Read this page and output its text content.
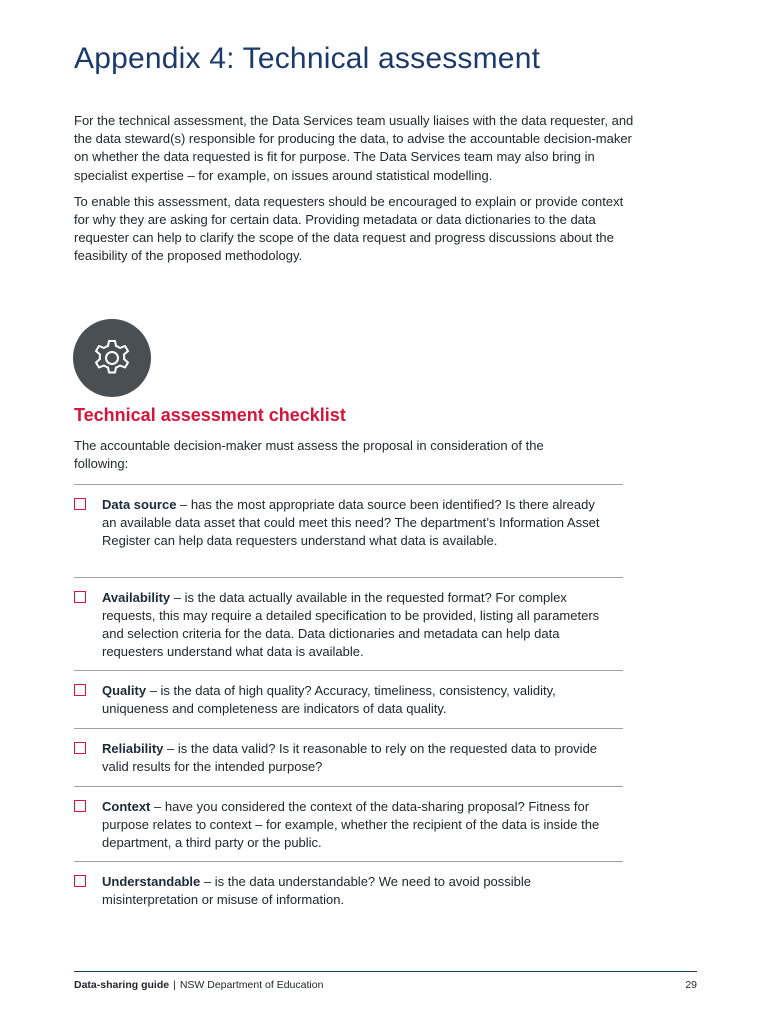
Appendix 4: Technical assessment

For the technical assessment, the Data Services team usually liaises with the data requester, and the data steward(s) responsible for producing the data, to advise the accountable decision-maker on whether the data requested is fit for purpose. The Data Services team may also bring in specialist expertise – for example, on issues around statistical modelling.

To enable this assessment, data requesters should be encouraged to explain or provide context for why they are asking for certain data. Providing metadata or data dictionaries to the data requester can help to clarify the scope of the data request and progress discussions about the feasibility of the proposed methodology.

Technical assessment checklist

The accountable decision-maker must assess the proposal in consideration of the following:

Data source – has the most appropriate data source been identified? Is there already an available data asset that could meet this need? The department’s Information Asset Register can help data requesters understand what data is available.
Availability – is the data actually available in the requested format? For complex requests, this may require a detailed specification to be provided, listing all parameters and selection criteria for the data. Data dictionaries and metadata can help data requesters understand what data is available.
Quality – is the data of high quality? Accuracy, timeliness, consistency, validity, uniqueness and completeness are indicators of data quality.
Reliability – is the data valid? Is it reasonable to rely on the requested data to provide valid results for the intended purpose?
Context – have you considered the context of the data-sharing proposal? Fitness for purpose relates to context – for example, whether the recipient of the data is inside the department, a third party or the public.
Understandable – is the data understandable? We need to avoid possible misinterpretation or misuse of information.
Data-sharing guide | NSW Department of Education	29
